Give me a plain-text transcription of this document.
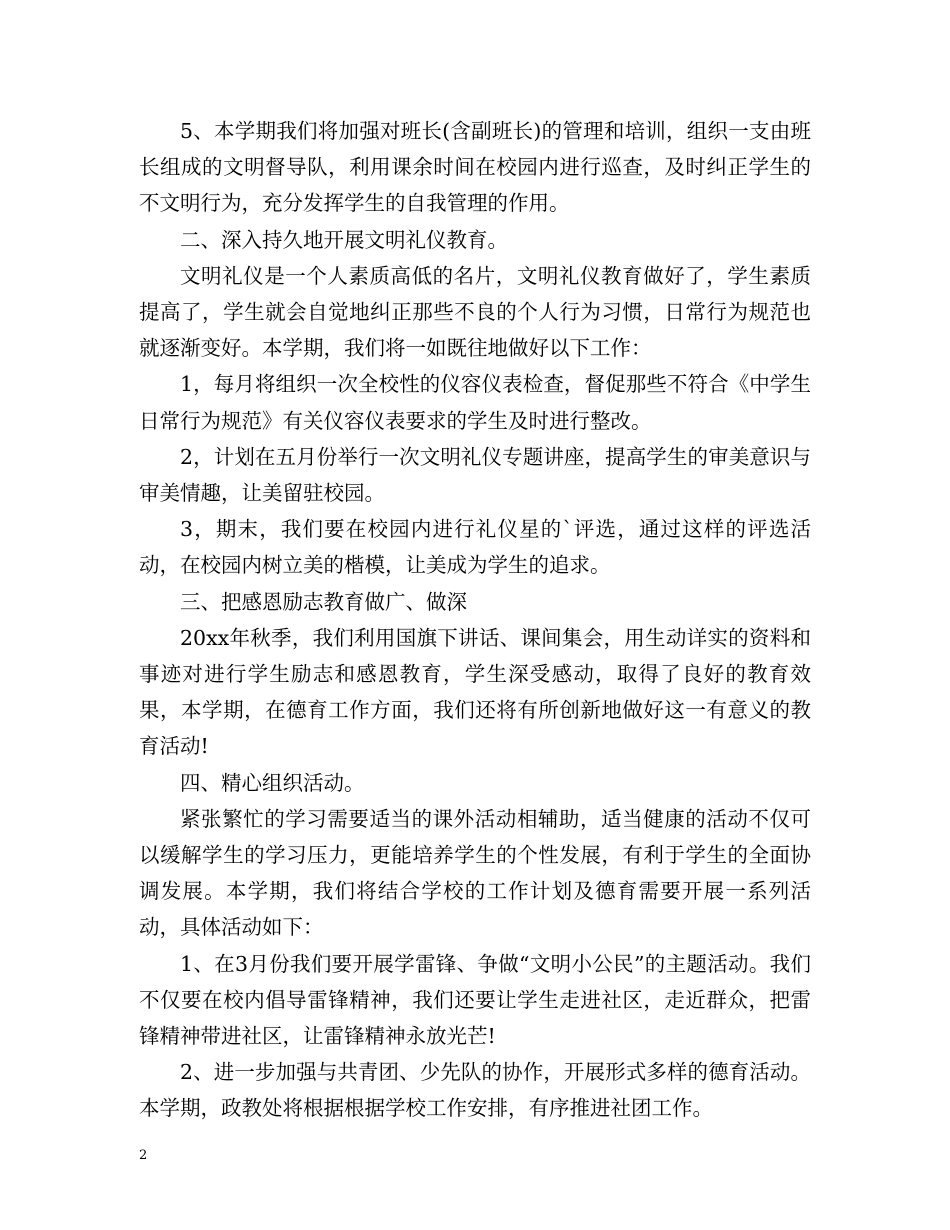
5、本学期我们将加强对班长(含副班长)的管理和培训，组织一支由班长组成的文明督导队，利用课余时间在校园内进行巡查，及时纠正学生的不文明行为，充分发挥学生的自我管理的作用。

二、深入持久地开展文明礼仪教育。

文明礼仪是一个人素质高低的名片，文明礼仪教育做好了，学生素质提高了，学生就会自觉地纠正那些不良的个人行为习惯，日常行为规范也就逐渐变好。本学期，我们将一如既往地做好以下工作：

1，每月将组织一次全校性的仪容仪表检查，督促那些不符合《中学生日常行为规范》有关仪容仪表要求的学生及时进行整改。

2，计划在五月份举行一次文明礼仪专题讲座，提高学生的审美意识与审美情趣，让美留驻校园。

3，期末，我们要在校园内进行礼仪星的`评选，通过这样的评选活动，在校园内树立美的楷模，让美成为学生的追求。

三、把感恩励志教育做广、做深

20xx年秋季，我们利用国旗下讲话、课间集会，用生动详实的资料和事迹对进行学生励志和感恩教育，学生深受感动，取得了良好的教育效果，本学期，在德育工作方面，我们还将有所创新地做好这一有意义的教育活动!

四、精心组织活动。

紧张繁忙的学习需要适当的课外活动相辅助，适当健康的活动不仅可以缓解学生的学习压力，更能培养学生的个性发展，有利于学生的全面协调发展。本学期，我们将结合学校的工作计划及德育需要开展一系列活动，具体活动如下：

1、在3月份我们要开展学雷锋、争做“文明小公民”的主题活动。我们不仅要在校内倡导雷锋精神，我们还要让学生走进社区，走近群众，把雷锋精神带进社区，让雷锋精神永放光芒!

2、进一步加强与共青团、少先队的协作，开展形式多样的德育活动。 本学期，政教处将根据根据学校工作安排，有序推进社团工作。

2
